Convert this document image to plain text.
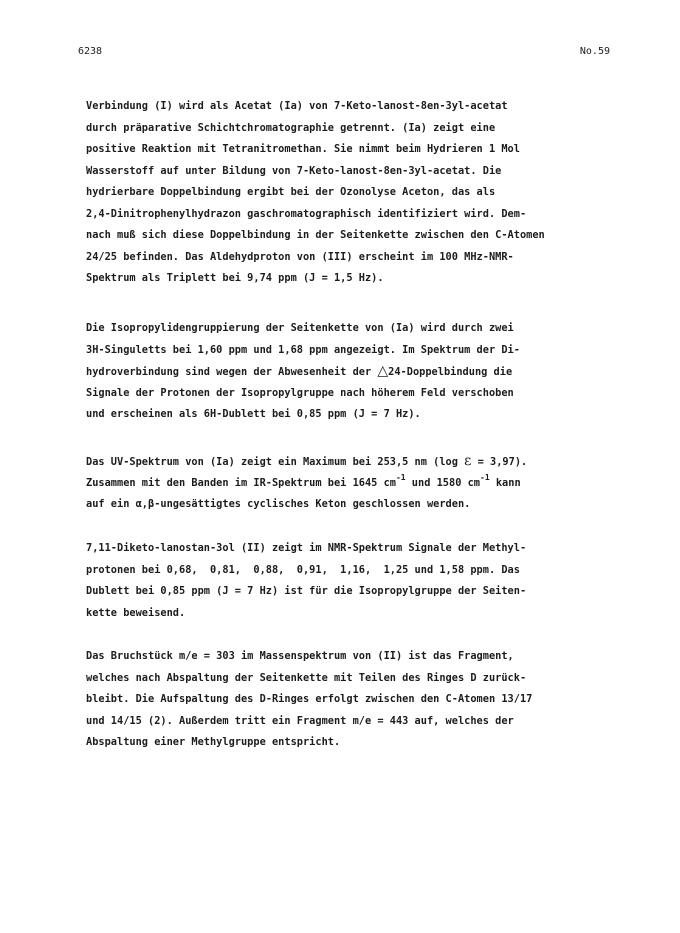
6238	No.59
Verbindung (I) wird als Acetat (Ia) von 7-Keto-lanost-8en-3yl-acetat
durch präparative Schichtchromatographie getrennt. (Ia) zeigt eine
positive Reaktion mit Tetranitromethan. Sie nimmt beim Hydrieren 1 Mol
Wasserstoff auf unter Bildung von 7-Keto-lanost-8en-3yl-acetat. Die
hydrierbare Doppelbindung ergibt bei der Ozonolyse Aceton, das als
2,4-Dinitrophenylhydrazon gaschromatographisch identifiziert wird. Dem-
nach muß sich diese Doppelbindung in der Seitenkette zwischen den C-Atomen
24/25 befinden. Das Aldehydproton von (III) erscheint im 100 MHz-NMR-
Spektrum als Triplett bei 9,74 ppm (J = 1,5 Hz).
Die Isopropylidengruppierung der Seitenkette von (Ia) wird durch zwei
3H-Singuletts bei 1,60 ppm und 1,68 ppm angezeigt. Im Spektrum der Di-
hydroverbindung sind wegen der Abwesenheit der △24-Doppelbindung die
Signale der Protonen der Isopropylgruppe nach höherem Feld verschoben
und erscheinen als 6H-Dublett bei 0,85 ppm (J = 7 Hz).
Das UV-Spektrum von (Ia) zeigt ein Maximum bei 253,5 nm (log ε = 3,97).
Zusammen mit den Banden im IR-Spektrum bei 1645 $cm^{-1}$ und 1580 $cm^{-1}$ kann
auf ein α,β-ungesättigtes cyclisches Keton geschlossen werden.
7,11-Diketo-lanostan-3ol (II) zeigt im NMR-Spektrum Signale der Methyl-
protonen bei 0,68,  0,81,  0,88,  0,91,  1,16,  1,25 und 1,58 ppm. Das
Dublett bei 0,85 ppm (J = 7 Hz) ist für die Isopropylgruppe der Seiten-
kette beweisend.
Das Bruchstück m/e = 303 im Massenspektrum von (II) ist das Fragment,
welches nach Abspaltung der Seitenkette mit Teilen des Ringes D zurück-
bleibt. Die Aufspaltung des D-Ringes erfolgt zwischen den C-Atomen 13/17
und 14/15 (2). Außerdem tritt ein Fragment m/e = 443 auf, welches der
Abspaltung einer Methylgruppe entspricht.
